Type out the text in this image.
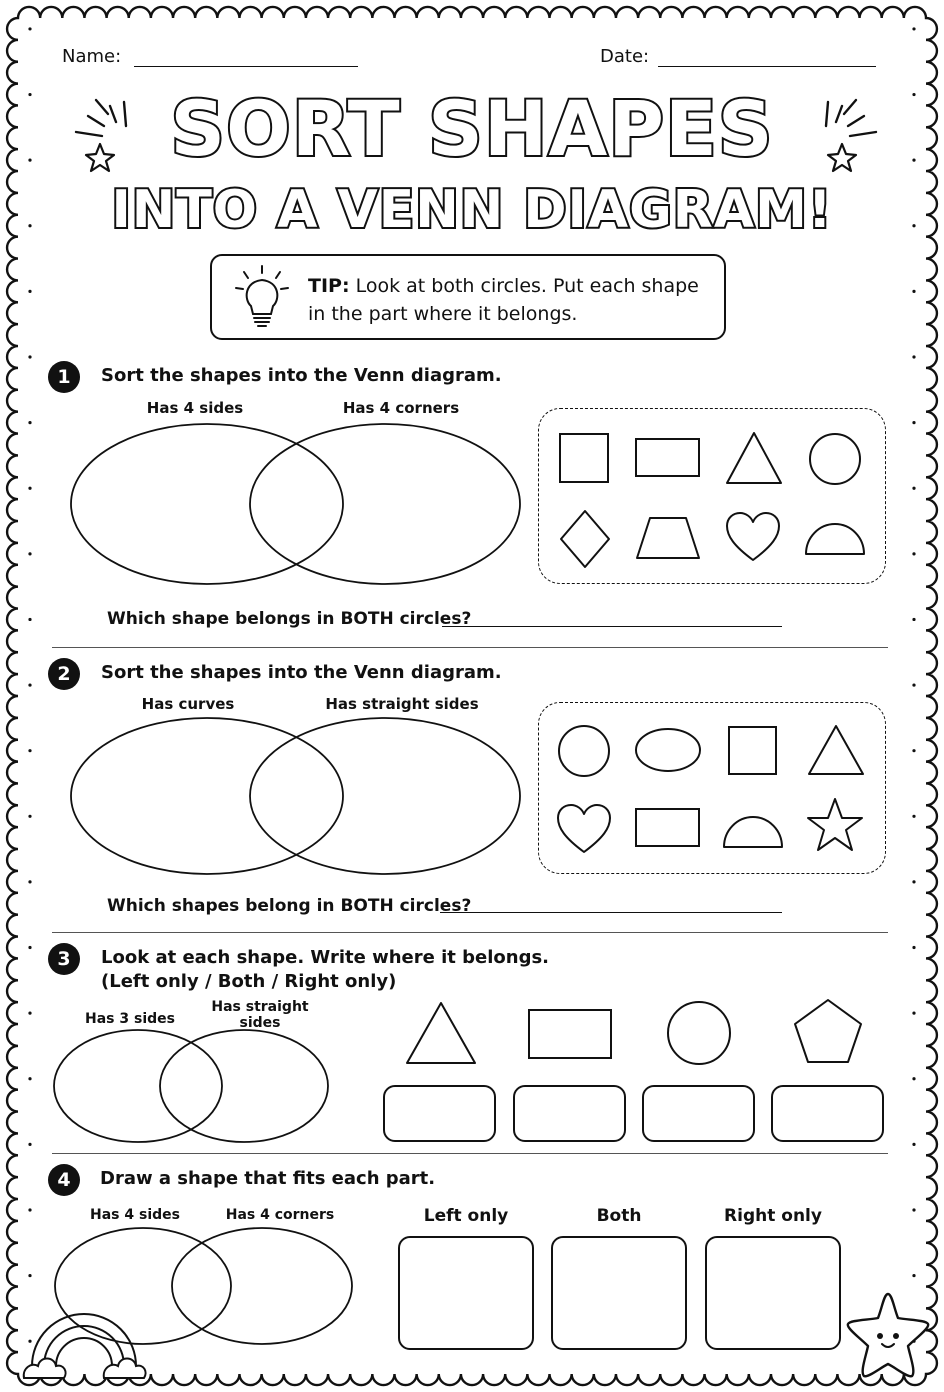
Name:	Date:
SORT SHAPES
INTO A VENN DIAGRAM!
TIP: Look at both circles. Put each shape in the part where it belongs.
1	Sort the shapes into the Venn diagram.
Has 4 sides	Has 4 corners
Which shape belongs in BOTH circles?
2	Sort the shapes into the Venn diagram.
Has curves	Has straight sides
Which shapes belong in BOTH circles?
3	Look at each shape. Write where it belongs.
(Left only / Both / Right only)
Has 3 sides
Has straight sides
4	Draw a shape that fits each part.
Has 4 sides	Has 4 corners	Left only	Both	Right only
